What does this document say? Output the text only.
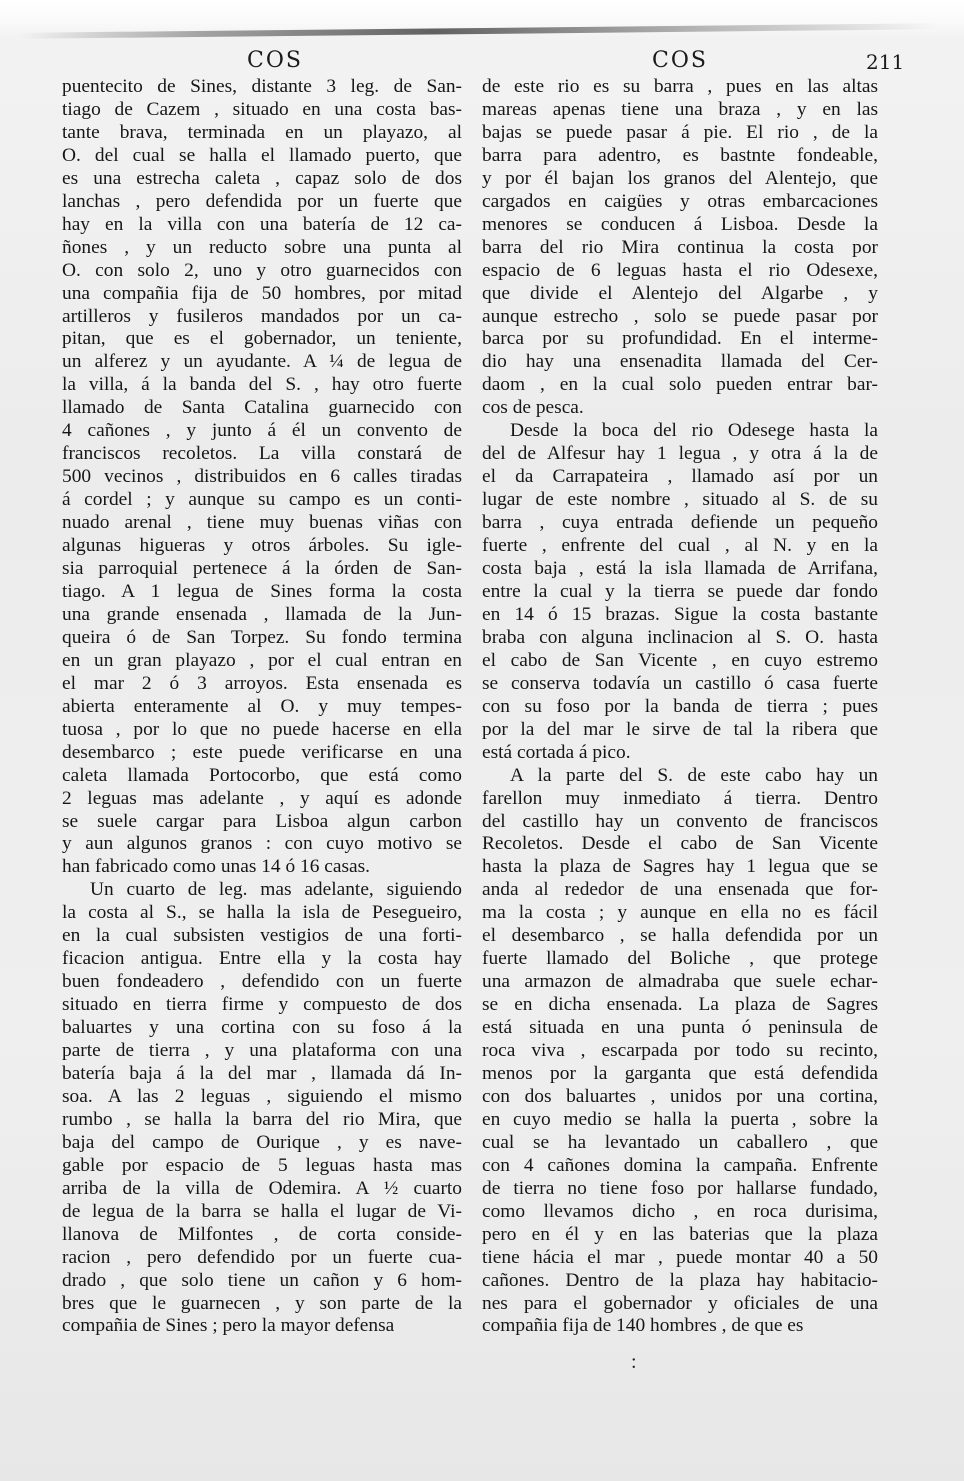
COS	COS	211
puentecito de Sines, distante 3 leg. de San-
tiago de Cazem , situado en una costa bas-
tante brava, terminada en un playazo, al
O. del cual se halla el llamado puerto, que
es una estrecha caleta , capaz solo de dos
lanchas , pero defendida por un fuerte que
hay en la villa con una batería de 12 ca-
ñones , y un reducto sobre una punta al
O. con solo 2, uno y otro guarnecidos con
una compañia fija de 50 hombres, por mitad
artilleros y fusileros mandados por un ca-
pitan, que es el gobernador, un teniente,
un alferez y un ayudante. A ¼ de legua de
la villa, á la banda del S. , hay otro fuerte
llamado de Santa Catalina guarnecido con
4 cañones , y junto á él un convento de
franciscos recoletos. La villa constará de
500 vecinos , distribuidos en 6 calles tiradas
á cordel ; y aunque su campo es un conti-
nuado arenal , tiene muy buenas viñas con
algunas higueras y otros árboles. Su igle-
sia parroquial pertenece á la órden de San-
tiago. A 1 legua de Sines forma la costa
una grande ensenada , llamada de la Jun-
queira ó de San Torpez. Su fondo termina
en un gran playazo , por el cual entran en
el mar 2 ó 3 arroyos. Esta ensenada es
abierta enteramente al O. y muy tempes-
tuosa , por lo que no puede hacerse en ella
desembarco ; este puede verificarse en una
caleta llamada Portocorbo, que está como
2 leguas mas adelante , y aquí es adonde
se suele cargar para Lisboa algun carbon
y aun algunos granos : con cuyo motivo se
han fabricado como unas 14 ó 16 casas.
Un cuarto de leg. mas adelante, siguiendo
la costa al S., se halla la isla de Pesegueiro,
en la cual subsisten vestigios de una forti-
ficacion antigua. Entre ella y la costa hay
buen fondeadero , defendido con un fuerte
situado en tierra firme y compuesto de dos
baluartes y una cortina con su foso á la
parte de tierra , y una plataforma con una
batería baja á la del mar , llamada dá In-
soa. A las 2 leguas , siguiendo el mismo
rumbo , se halla la barra del rio Mira, que
baja del campo de Ourique , y es nave-
gable por espacio de 5 leguas hasta mas
arriba de la villa de Odemira. A ½ cuarto
de legua de la barra se halla el lugar de Vi-
llanova de Milfontes , de corta conside-
racion , pero defendido por un fuerte cua-
drado , que solo tiene un cañon y 6 hom-
bres que le guarnecen , y son parte de la
compañia de Sines ; pero la mayor defensa
de este rio es su barra , pues en las altas
mareas apenas tiene una braza , y en las
bajas se puede pasar á pie. El rio , de la
barra para adentro, es bastnte fondeable,
y por él bajan los granos del Alentejo, que
cargados en caigües y otras embarcaciones
menores se conducen á Lisboa. Desde la
barra del rio Mira continua la costa por
espacio de 6 leguas hasta el rio Odesexe,
que divide el Alentejo del Algarbe , y
aunque estrecho , solo se puede pasar por
barca por su profundidad. En el interme-
dio hay una ensenadita llamada del Cer-
daom , en la cual solo pueden entrar bar-
cos de pesca.
Desde la boca del rio Odesege hasta la
del de Alfesur hay 1 legua , y otra á la de
el da Carrapateira , llamado así por un
lugar de este nombre , situado al S. de su
barra , cuya entrada defiende un pequeño
fuerte , enfrente del cual , al N. y en la
costa baja , está la isla llamada de Arrifana,
entre la cual y la tierra se puede dar fondo
en 14 ó 15 brazas. Sigue la costa bastante
braba con alguna inclinacion al S. O. hasta
el cabo de San Vicente , en cuyo estremo
se conserva todavía un castillo ó casa fuerte
con su foso por la banda de tierra ; pues
por la del mar le sirve de tal la ribera que
está cortada á pico.
A la parte del S. de este cabo hay un
farellon muy inmediato á tierra. Dentro
del castillo hay un convento de franciscos
Recoletos. Desde el cabo de San Vicente
hasta la plaza de Sagres hay 1 legua que se
anda al rededor de una ensenada que for-
ma la costa ; y aunque en ella no es fácil
el desembarco , se halla defendida por un
fuerte llamado del Boliche , que protege
una armazon de almadraba que suele echar-
se en dicha ensenada. La plaza de Sagres
está situada en una punta ó peninsula de
roca viva , escarpada por todo su recinto,
menos por la garganta que está defendida
con dos baluartes , unidos por una cortina,
en cuyo medio se halla la puerta , sobre la
cual se ha levantado un caballero , que
con 4 cañones domina la campaña. Enfrente
de tierra no tiene foso por hallarse fundado,
como llevamos dicho , en roca durisima,
pero en él y en las baterias que la plaza
tiene hácia el mar , puede montar 40 a 50
cañones. Dentro de la plaza hay habitacio-
nes para el gobernador y oficiales de una
compañia fija de 140 hombres , de que es
:
